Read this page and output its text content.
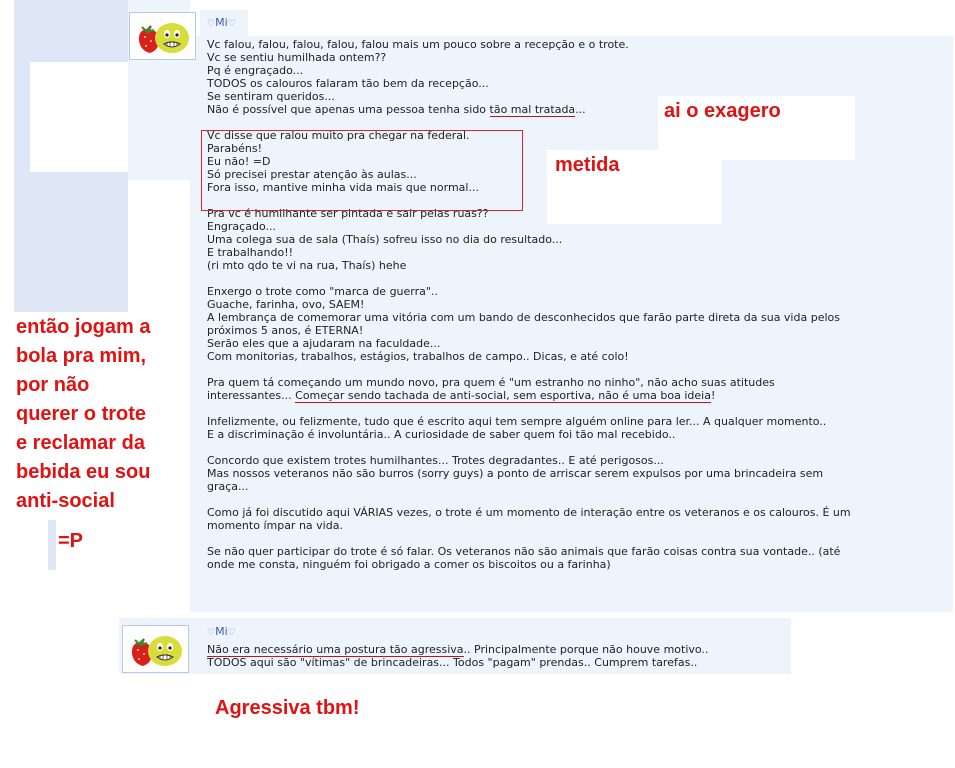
♡Mi♡
Vc falou, falou, falou, falou, falou mais um pouco sobre a recepção e o trote.
Vc se sentiu humilhada ontem??
Pq é engraçado...
TODOS os calouros falaram tão bem da recepção...
Se sentiram queridos...
Não é possível que apenas uma pessoa tenha sido tão mal tratada...
Vc disse que ralou muito pra chegar na federal.
Parabéns!
Eu não! =D
Só precisei prestar atenção às aulas...
Fora isso, mantive minha vida mais que normal...
Pra vc é humilhante ser pintada e sair pelas ruas??
Engraçado...
Uma colega sua de sala (Thaís) sofreu isso no dia do resultado...
E trabalhando!!
(ri mto qdo te vi na rua, Thaís) hehe
Enxergo o trote como "marca de guerra"..
Guache, farinha, ovo, SAEM!
A lembrança de comemorar uma vitória com um bando de desconhecidos que farão parte direta da sua vida pelos
próximos 5 anos, é ETERNA!
Serão eles que a ajudaram na faculdade...
Com monitorias, trabalhos, estágios, trabalhos de campo.. Dicas, e até colo!
Pra quem tá começando um mundo novo, pra quem é "um estranho no ninho", não acho suas atitudes
interessantes... Começar sendo tachada de anti-social, sem esportiva, não é uma boa ideia!
Infelizmente, ou felizmente, tudo que é escrito aqui tem sempre alguém online para ler... A qualquer momento..
E a discriminação é involuntária.. A curiosidade de saber quem foi tão mal recebido..
Concordo que existem trotes humilhantes... Trotes degradantes.. E até perigosos...
Mas nossos veteranos não são burros (sorry guys) a ponto de arriscar serem expulsos por uma brincadeira sem
graça...
Como já foi discutido aqui VÁRIAS vezes, o trote é um momento de interação entre os veteranos e os calouros. É um
momento ímpar na vida.
Se não quer participar do trote é só falar. Os veteranos não são animais que farão coisas contra sua vontade.. (até
onde me consta, ninguém foi obrigado a comer os biscoitos ou a farinha)
♡Mi♡
Não era necessário uma postura tão agressiva.. Principalmente porque não houve motivo..
TODOS aqui são "vítimas" de brincadeiras... Todos "pagam" prendas.. Cumprem tarefas..
ai o exagero
metida
então jogam a
bola pra mim,
por não
querer o trote
e reclamar da
bebida eu sou
anti-social
=P
Agressiva tbm!
